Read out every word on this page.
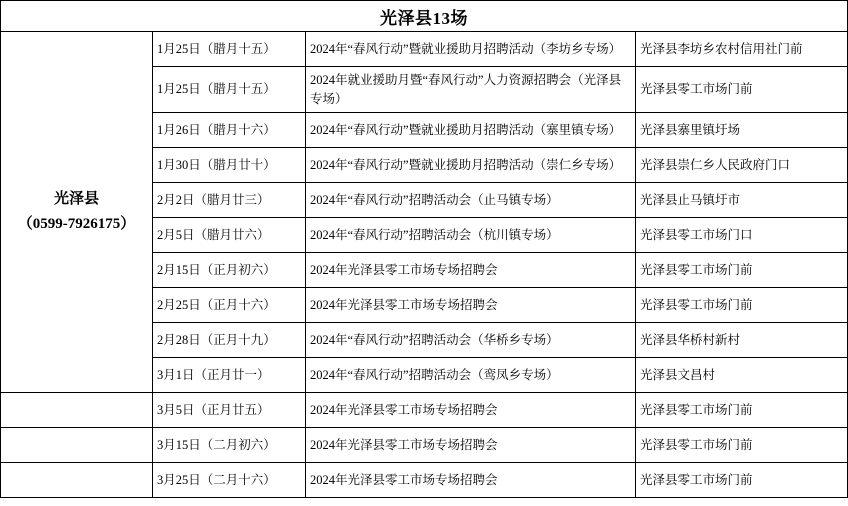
光泽县13场			

光泽县
（0599-7926175）	1月25日（腊月十五）	2024年“春风行动”暨就业援助月招聘活动（李坊乡专场）	光泽县李坊乡农村信用社门前
	1月25日（腊月十五）	2024年就业援助月暨“春风行动”人力资源招聘会（光泽县专场）	光泽县零工市场门前
	1月26日（腊月十六）	2024年“春风行动”暨就业援助月招聘活动（寨里镇专场）	光泽县寨里镇圩场
	1月30日（腊月廿十）	2024年“春风行动”暨就业援助月招聘活动（崇仁乡专场）	光泽县崇仁乡人民政府门口
	2月2日（腊月廿三）	2024年“春风行动”招聘活动会（止马镇专场）	光泽县止马镇圩市
	2月5日（腊月廿六）	2024年“春风行动”招聘活动会（杭川镇专场）	光泽县零工市场门口
	2月15日（正月初六）	2024年光泽县零工市场专场招聘会	光泽县零工市场门前
	2月25日（正月十六）	2024年光泽县零工市场专场招聘会	光泽县零工市场门前
	2月28日（正月十九）	2024年“春风行动”招聘活动会（华桥乡专场）	光泽县华桥村新村
	3月1日（正月廿一）	2024年“春风行动”招聘活动会（鸾凤乡专场）	光泽县文昌村
	3月5日（正月廿五）	2024年光泽县零工市场专场招聘会	光泽县零工市场门前
	3月15日（二月初六）	2024年光泽县零工市场专场招聘会	光泽县零工市场门前
	3月25日（二月十六）	2024年光泽县零工市场专场招聘会	光泽县零工市场门前
